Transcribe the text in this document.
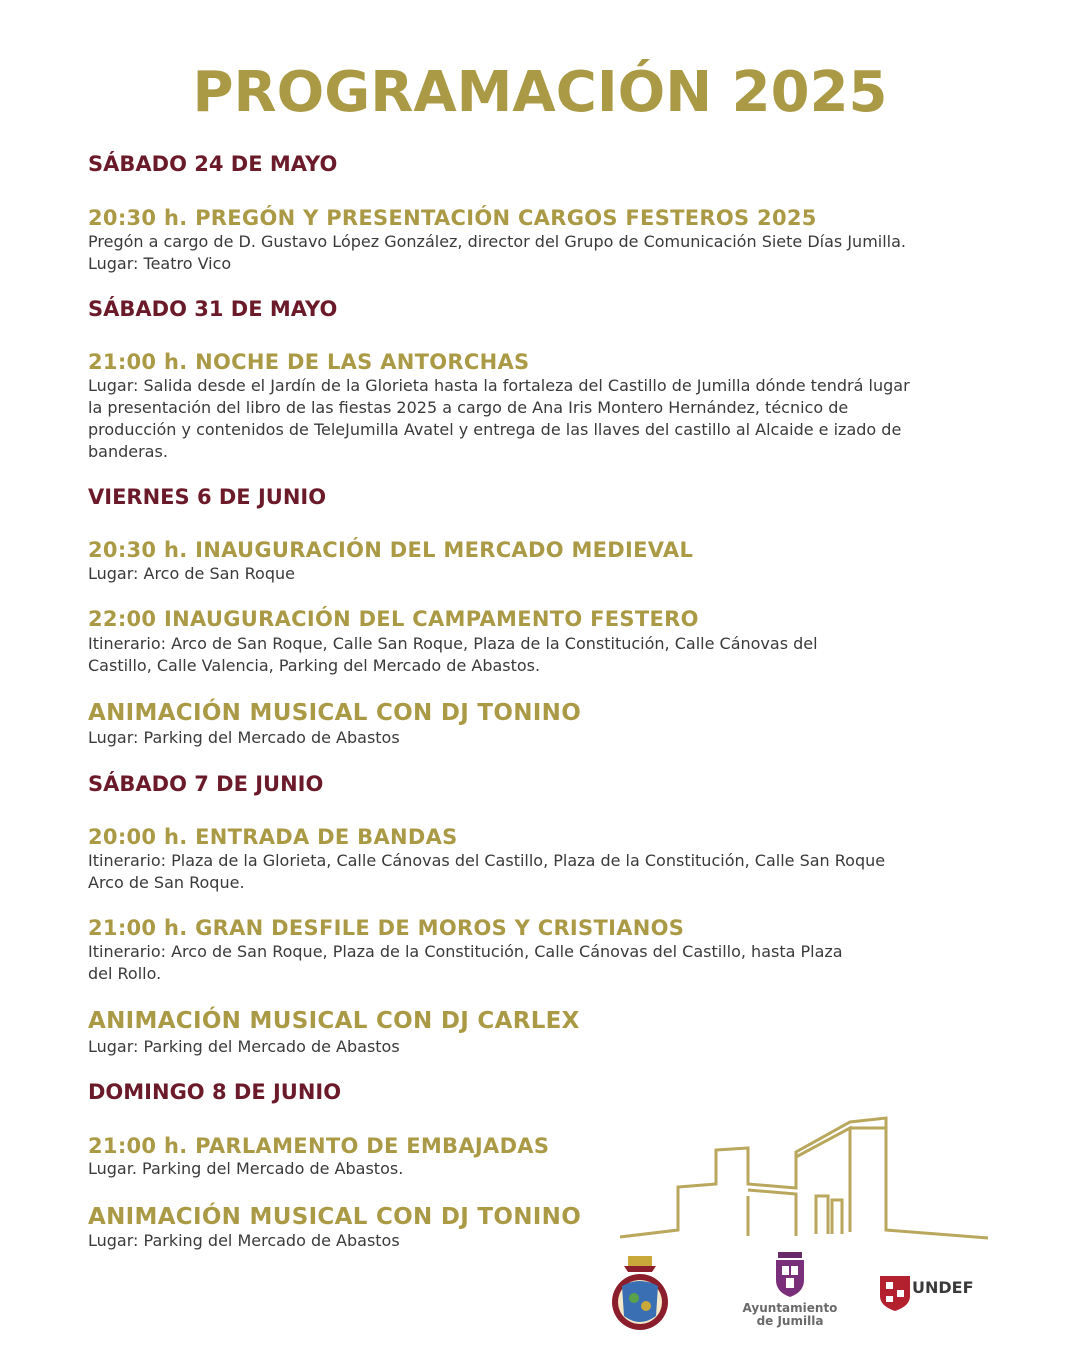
PROGRAMACIÓN 2025
SÁBADO 24 DE MAYO
20:30 h. PREGÓN Y PRESENTACIÓN CARGOS FESTEROS 2025
Pregón a cargo de D. Gustavo López González, director del Grupo de Comunicación Siete Días Jumilla.
Lugar: Teatro Vico
SÁBADO 31 DE MAYO
21:00 h. NOCHE DE LAS ANTORCHAS
Lugar: Salida desde el Jardín de la Glorieta hasta la fortaleza del Castillo de Jumilla dónde tendrá lugar
la presentación del libro de las fiestas 2025 a cargo de Ana Iris Montero Hernández, técnico de
producción y contenidos de TeleJumilla Avatel y entrega de las llaves del castillo al Alcaide e izado de
banderas.
VIERNES 6 DE JUNIO
20:30 h. INAUGURACIÓN DEL MERCADO MEDIEVAL
Lugar: Arco de San Roque
22:00 INAUGURACIÓN DEL CAMPAMENTO FESTERO
Itinerario: Arco de San Roque, Calle San Roque, Plaza de la Constitución, Calle Cánovas del
Castillo, Calle Valencia, Parking del Mercado de Abastos.
ANIMACIÓN MUSICAL CON DJ TONINO
Lugar: Parking del Mercado de Abastos
SÁBADO 7 DE JUNIO
20:00 h. ENTRADA DE BANDAS
Itinerario: Plaza de la Glorieta, Calle Cánovas del Castillo, Plaza de la Constitución, Calle San Roque
Arco de San Roque.
21:00 h. GRAN DESFILE DE MOROS Y CRISTIANOS
Itinerario: Arco de San Roque, Plaza de la Constitución, Calle Cánovas del Castillo, hasta Plaza
del Rollo.
ANIMACIÓN MUSICAL CON DJ CARLEX
Lugar: Parking del Mercado de Abastos
DOMINGO 8 DE JUNIO
21:00 h. PARLAMENTO DE EMBAJADAS
Lugar. Parking del Mercado de Abastos.
ANIMACIÓN MUSICAL CON DJ TONINO
Lugar: Parking del Mercado de Abastos
Ayuntamiento
de Jumilla
UNDEF
